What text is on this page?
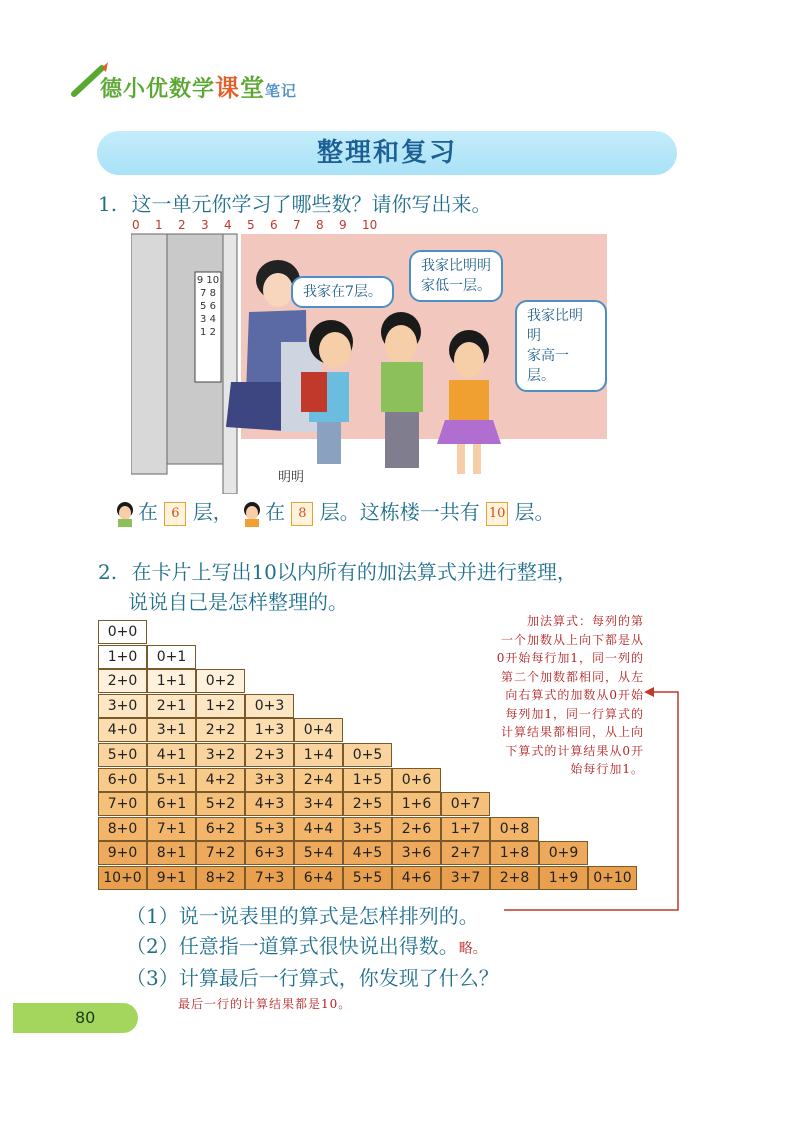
德小优数学课堂笔记
整理和复习
1. 这一单元你学习了哪些数？请你写出来。
0 1 2 3 4 5 6 7 8 9 10
9 10
7 8
5 6
3 4
1 2
我家在7层。
我家比明明
家低一层。
我家比明明
家高一层。
明明
在 6 层， 在 8 层。这栋楼一共有 10 层。
2. 在卡片上写出10以内所有的加法算式并进行整理，
说说自己是怎样整理的。
0+0
1+0	0+1
2+0	1+1	0+2
3+0	2+1	1+2	0+3
4+0	3+1	2+2	1+3	0+4
5+0	4+1	3+2	2+3	1+4	0+5
6+0	5+1	4+2	3+3	2+4	1+5	0+6
7+0	6+1	5+2	4+3	3+4	2+5	1+6	0+7
8+0	7+1	6+2	5+3	4+4	3+5	2+6	1+7	0+8
9+0	8+1	7+2	6+3	5+4	4+5	3+6	2+7	1+8	0+9
10+0	9+1	8+2	7+3	6+4	5+5	4+6	3+7	2+8	1+9	0+10
加法算式：每列的第
一个加数从上向下都是从
0开始每行加1，同一列的
第二个加数都相同，从左
向右算式的加数从0开始
每列加1，同一行算式的
计算结果都相同，从上向
下算式的计算结果从0开
始每行加1。
（1）说一说表里的算式是怎样排列的。
（2）任意指一道算式很快说出得数。略。
（3）计算最后一行算式，你发现了什么？
最后一行的计算结果都是10。
80
